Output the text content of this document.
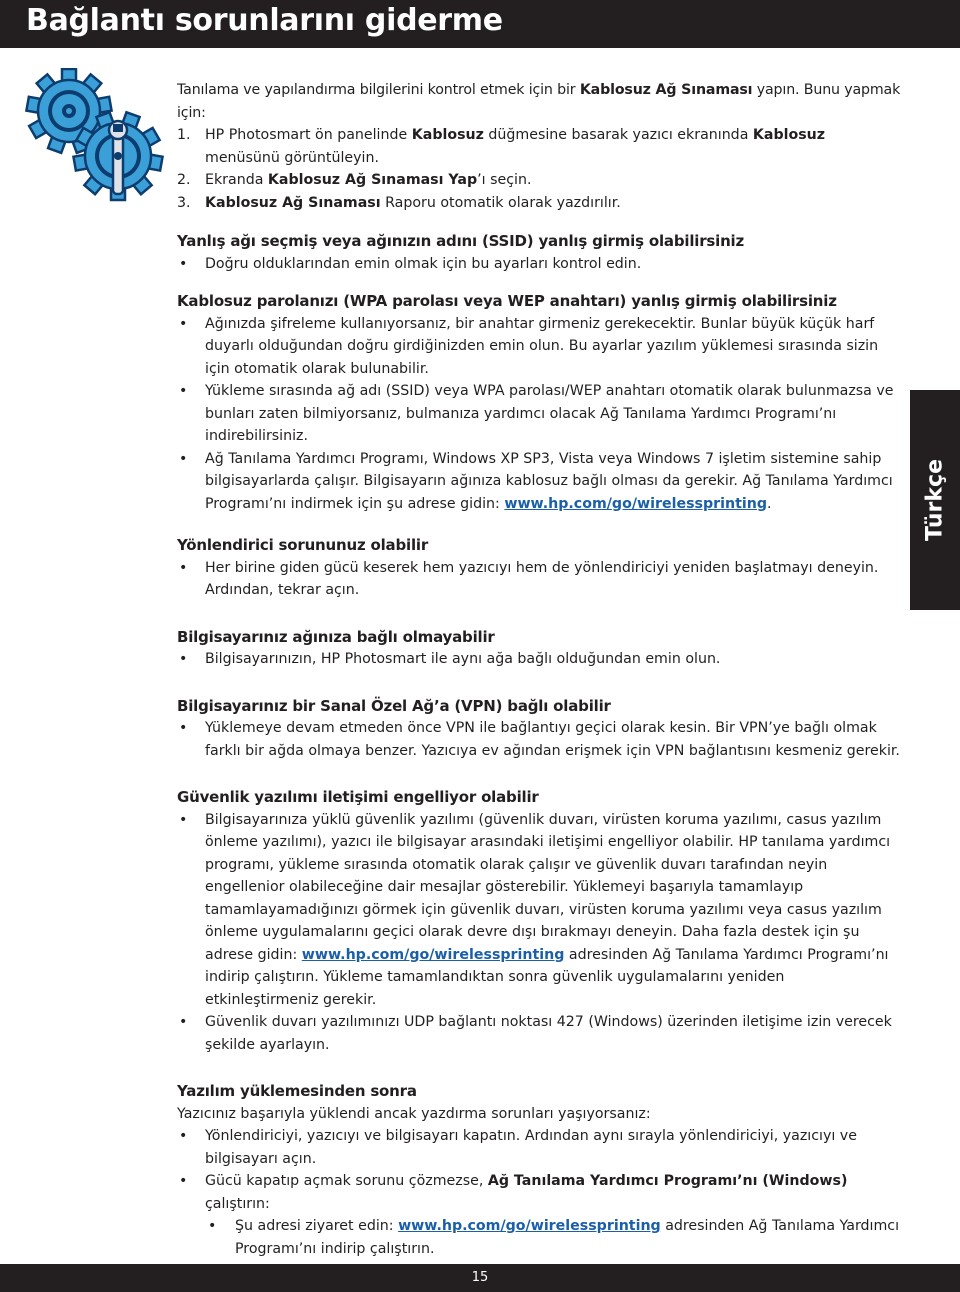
Bağlantı sorunlarını giderme
Türkçe

Tanılama ve yapılandırma bilgilerini kontrol etmek için bir Kablosuz Ağ Sınaması yapın. Bunu yapmak için:

1. HP Photosmart ön panelinde Kablosuz düğmesine basarak yazıcı ekranında Kablosuz menüsünü görüntüleyin.
2. Ekranda Kablosuz Ağ Sınaması Yap’ı seçin.
3. Kablosuz Ağ Sınaması Raporu otomatik olarak yazdırılır.

Yanlış ağı seçmiş veya ağınızın adını (SSID) yanlış girmiş olabilirsiniz

• Doğru olduklarından emin olmak için bu ayarları kontrol edin.

Kablosuz parolanızı (WPA parolası veya WEP anahtarı) yanlış girmiş olabilirsiniz

• Ağınızda şifreleme kullanıyorsanız, bir anahtar girmeniz gerekecektir. Bunlar büyük küçük harf duyarlı olduğundan doğru girdiğinizden emin olun. Bu ayarlar yazılım yüklemesi sırasında sizin için otomatik olarak bulunabilir.
• Yükleme sırasında ağ adı (SSID) veya WPA parolası/WEP anahtarı otomatik olarak bulunmazsa ve bunları zaten bilmiyorsanız, bulmanıza yardımcı olacak Ağ Tanılama Yardımcı Programı’nı indirebilirsiniz.
• Ağ Tanılama Yardımcı Programı, Windows XP SP3, Vista veya Windows 7 işletim sistemine sahip bilgisayarlarda çalışır. Bilgisayarın ağınıza kablosuz bağlı olması da gerekir. Ağ Tanılama Yardımcı Programı’nı indirmek için şu adrese gidin: www.hp.com/go/wirelessprinting.

Yönlendirici sorununuz olabilir

• Her birine giden gücü keserek hem yazıcıyı hem de yönlendiriciyi yeniden başlatmayı deneyin. Ardından, tekrar açın.

Bilgisayarınız ağınıza bağlı olmayabilir

• Bilgisayarınızın, HP Photosmart ile aynı ağa bağlı olduğundan emin olun.

Bilgisayarınız bir Sanal Özel Ağ’a (VPN) bağlı olabilir

• Yüklemeye devam etmeden önce VPN ile bağlantıyı geçici olarak kesin. Bir VPN’ye bağlı olmak farklı bir ağda olmaya benzer. Yazıcıya ev ağından erişmek için VPN bağlantısını kesmeniz gerekir.

Güvenlik yazılımı iletişimi engelliyor olabilir

• Bilgisayarınıza yüklü güvenlik yazılımı (güvenlik duvarı, virüsten koruma yazılımı, casus yazılım önleme yazılımı), yazıcı ile bilgisayar arasındaki iletişimi engelliyor olabilir. HP tanılama yardımcı programı, yükleme sırasında otomatik olarak çalışır ve güvenlik duvarı tarafından neyin engellenior olabileceğine dair mesajlar gösterebilir. Yüklemeyi başarıyla tamamlayıp tamamlayamadığınızı görmek için güvenlik duvarı, virüsten koruma yazılımı veya casus yazılım önleme uygulamalarını geçici olarak devre dışı bırakmayı deneyin. Daha fazla destek için şu adrese gidin: www.hp.com/go/wirelessprinting adresinden Ağ Tanılama Yardımcı Programı’nı indirip çalıştırın. Yükleme tamamlandıktan sonra güvenlik uygulamalarını yeniden etkinleştirmeniz gerekir.
• Güvenlik duvarı yazılımınızı UDP bağlantı noktası 427 (Windows) üzerinden iletişime izin verecek şekilde ayarlayın.

Yazılım yüklemesinden sonra

Yazıcınız başarıyla yüklendi ancak yazdırma sorunları yaşıyorsanız:

• Yönlendiriciyi, yazıcıyı ve bilgisayarı kapatın. Ardından aynı sırayla yönlendiriciyi, yazıcıyı ve bilgisayarı açın.
• Gücü kapatıp açmak sorunu çözmezse, Ağ Tanılama Yardımcı Programı’nı (Windows) çalıştırın:
• Şu adresi ziyaret edin: www.hp.com/go/wirelessprinting adresinden Ağ Tanılama Yardımcı Programı’nı indirip çalıştırın.
15
